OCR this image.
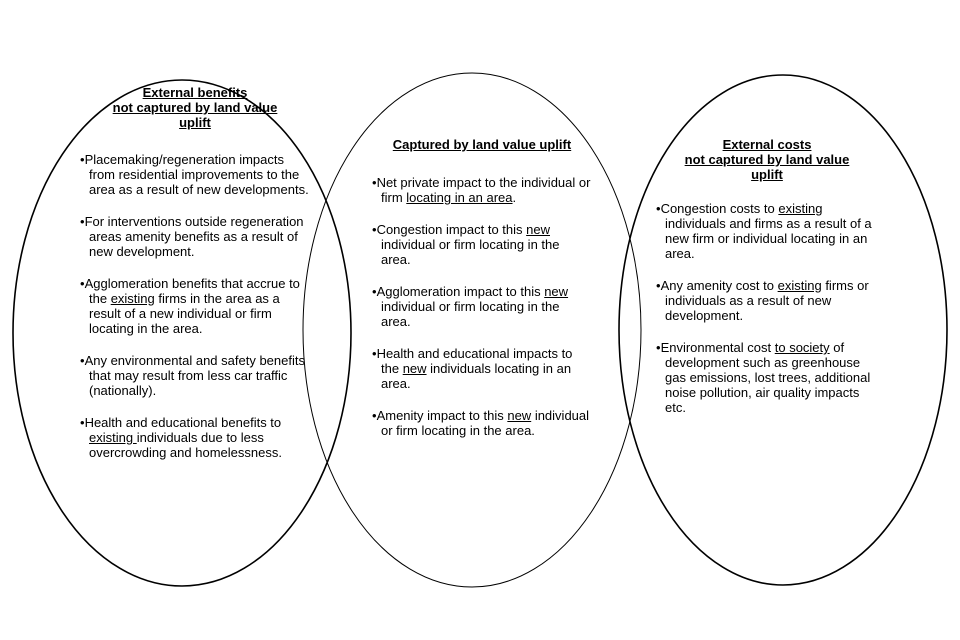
External benefits
not captured by land value
uplift
•Placemaking/regeneration impacts from residential improvements to the area as a result of new developments.
•For interventions outside regeneration areas amenity benefits as a result of new development.
•Agglomeration benefits that accrue to the existing firms in the area as a result of a new individual or firm locating in the area.
•Any environmental and safety benefits that may result from less car traffic (nationally).
•Health and educational benefits to existing individuals due to less overcrowding and homelessness.
Captured by land value uplift
•Net private impact to the individual or firm locating in an area.
•Congestion impact to this new individual or firm locating in the area.
•Agglomeration impact to this new individual or firm locating in the area.
•Health and educational impacts to the new individuals locating in an area.
•Amenity impact to this new individual or firm locating in the area.
External costs
not captured by land value
uplift
•Congestion costs to existing individuals and firms as a result of a new firm or individual locating in an area.
•Any amenity cost to existing firms or individuals as a result of new development.
•Environmental cost to society of development such as greenhouse gas emissions, lost trees, additional noise pollution, air quality impacts etc.
